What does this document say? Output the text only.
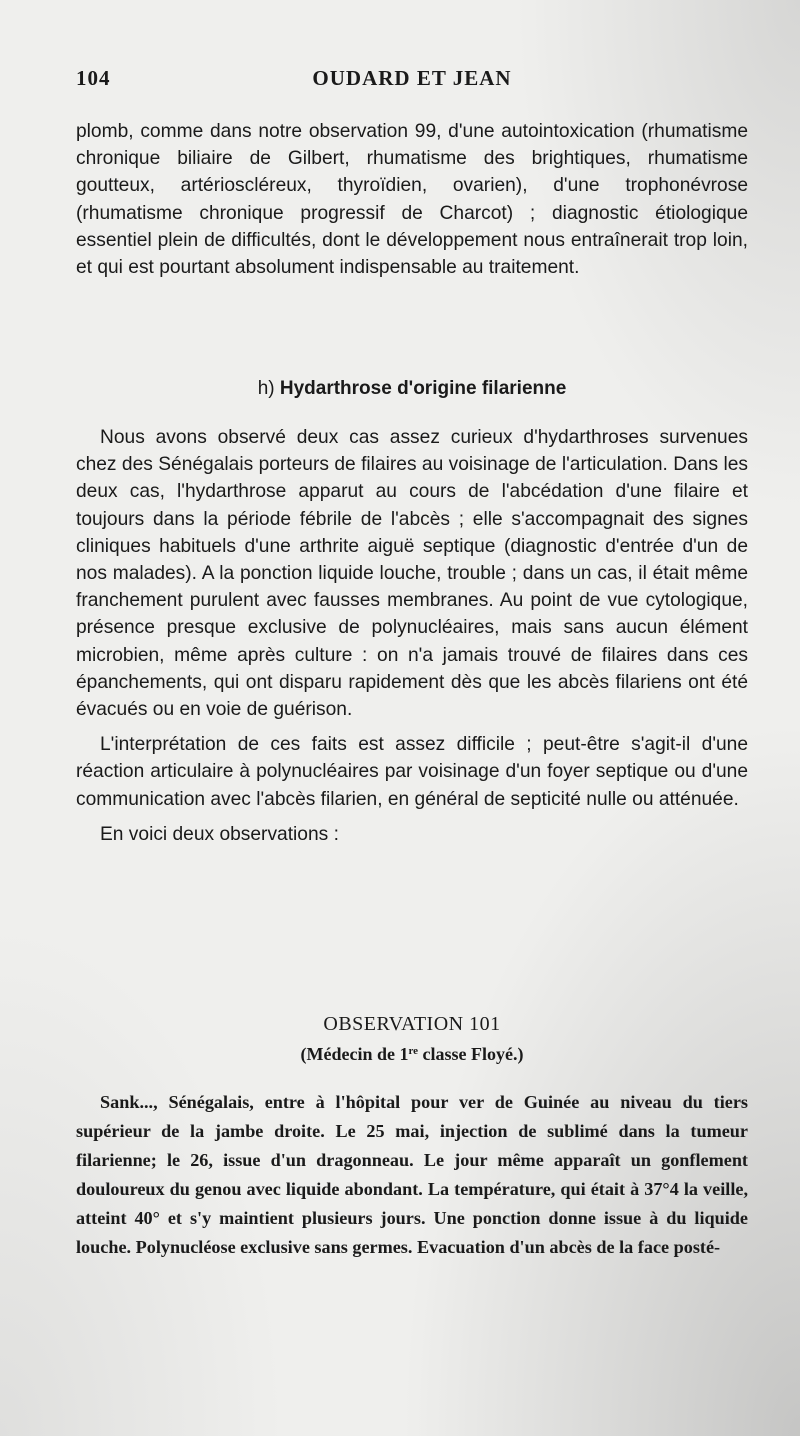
104	OUDARD ET JEAN

plomb, comme dans notre observation 99, d'une autointoxication (rhumatisme chronique biliaire de Gilbert, rhumatisme des brightiques, rhumatisme goutteux, artérioscléreux, thyroïdien, ovarien), d'une trophonévrose (rhumatisme chronique progressif de Charcot) ; diagnostic étiologique essentiel plein de difficultés, dont le développement nous entraînerait trop loin, et qui est pourtant absolument indispensable au traitement.

h) Hydarthrose d'origine filarienne

Nous avons observé deux cas assez curieux d'hydarthroses survenues chez des Sénégalais porteurs de filaires au voisinage de l'articulation. Dans les deux cas, l'hydarthrose apparut au cours de l'abcédation d'une filaire et toujours dans la période fébrile de l'abcès ; elle s'accompagnait des signes cliniques habituels d'une arthrite aiguë septique (diagnostic d'entrée d'un de nos malades). A la ponction liquide louche, trouble ; dans un cas, il était même franchement purulent avec fausses membranes. Au point de vue cytologique, présence presque exclusive de polynucléaires, mais sans aucun élément microbien, même après culture : on n'a jamais trouvé de filaires dans ces épanchements, qui ont disparu rapidement dès que les abcès filariens ont été évacués ou en voie de guérison.

L'interprétation de ces faits est assez difficile ; peut-être s'agit-il d'une réaction articulaire à polynucléaires par voisinage d'un foyer septique ou d'une communication avec l'abcès filarien, en général de septicité nulle ou atténuée.

En voici deux observations :

OBSERVATION 101
(Médecin de 1re classe Floyé.)

Sank..., Sénégalais, entre à l'hôpital pour ver de Guinée au niveau du tiers supérieur de la jambe droite. Le 25 mai, injection de sublimé dans la tumeur filarienne; le 26, issue d'un dragonneau. Le jour même apparaît un gonflement douloureux du genou avec liquide abondant. La température, qui était à 37°4 la veille, atteint 40° et s'y maintient plusieurs jours. Une ponction donne issue à du liquide louche. Polynucléose exclusive sans germes. Evacuation d'un abcès de la face posté-
